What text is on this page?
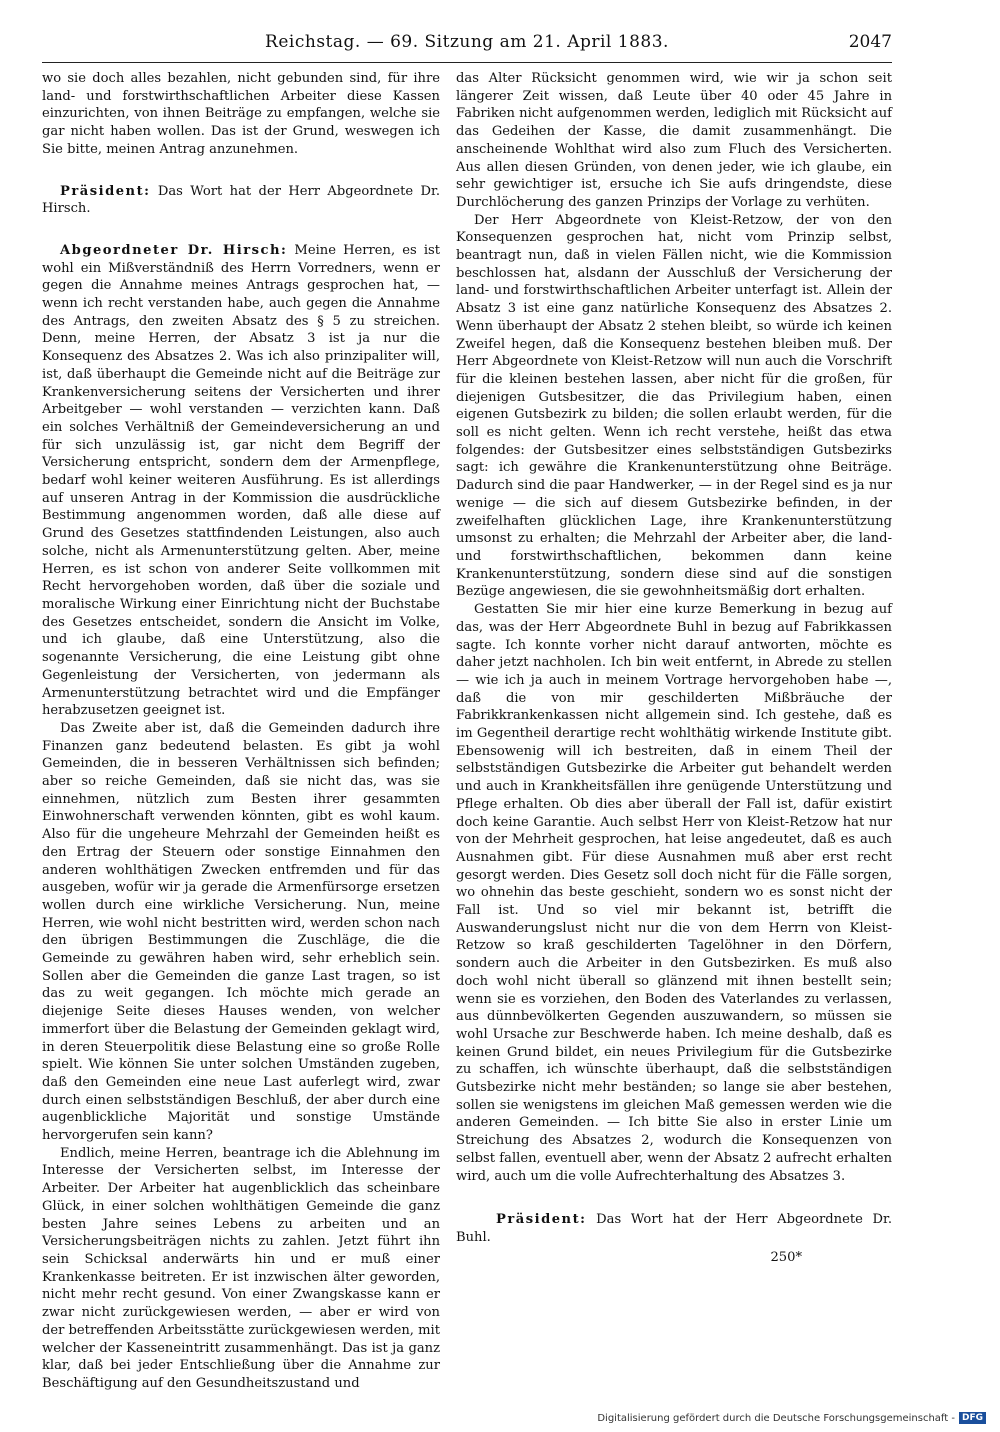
Reichstag. — 69. Sitzung am 21. April 1883.	2047

wo sie doch alles bezahlen, nicht gebunden sind, für ihre land- und forstwirthschaftlichen Arbeiter diese Kassen einzurichten, von ihnen Beiträge zu empfangen, welche sie gar nicht haben wollen. Das ist der Grund, weswegen ich Sie bitte, meinen Antrag anzunehmen.

Präsident: Das Wort hat der Herr Abgeordnete Dr. Hirsch.

Abgeordneter Dr. Hirsch: Meine Herren, es ist wohl ein Mißverständniß des Herrn Vorredners, wenn er gegen die Annahme meines Antrags gesprochen hat, — wenn ich recht verstanden habe, auch gegen die Annahme des Antrags, den zweiten Absatz des § 5 zu streichen. Denn, meine Herren, der Absatz 3 ist ja nur die Konsequenz des Absatzes 2. Was ich also prinzipaliter will, ist, daß überhaupt die Gemeinde nicht auf die Beiträge zur Krankenversicherung seitens der Versicherten und ihrer Arbeitgeber — wohl verstanden — verzichten kann. Daß ein solches Verhältniß der Gemeindeversicherung an und für sich unzulässig ist, gar nicht dem Begriff der Versicherung entspricht, sondern dem der Armenpflege, bedarf wohl keiner weiteren Ausführung. Es ist allerdings auf unseren Antrag in der Kommission die ausdrückliche Bestimmung angenommen worden, daß alle diese auf Grund des Gesetzes stattfindenden Leistungen, also auch solche, nicht als Armenunterstützung gelten. Aber, meine Herren, es ist schon von anderer Seite vollkommen mit Recht hervorgehoben worden, daß über die soziale und moralische Wirkung einer Einrichtung nicht der Buchstabe des Gesetzes entscheidet, sondern die Ansicht im Volke, und ich glaube, daß eine Unterstützung, also die sogenannte Versicherung, die eine Leistung gibt ohne Gegenleistung der Versicherten, von jedermann als Armenunterstützung betrachtet wird und die Empfänger herabzusetzen geeignet ist.

Das Zweite aber ist, daß die Gemeinden dadurch ihre Finanzen ganz bedeutend belasten. Es gibt ja wohl Gemeinden, die in besseren Verhältnissen sich befinden; aber so reiche Gemeinden, daß sie nicht das, was sie einnehmen, nützlich zum Besten ihrer gesammten Einwohnerschaft verwenden könnten, gibt es wohl kaum. Also für die ungeheure Mehrzahl der Gemeinden heißt es den Ertrag der Steuern oder sonstige Einnahmen den anderen wohlthätigen Zwecken entfremden und für das ausgeben, wofür wir ja gerade die Armenfürsorge ersetzen wollen durch eine wirkliche Versicherung. Nun, meine Herren, wie wohl nicht bestritten wird, werden schon nach den übrigen Bestimmungen die Zuschläge, die die Gemeinde zu gewähren haben wird, sehr erheblich sein. Sollen aber die Gemeinden die ganze Last tragen, so ist das zu weit gegangen. Ich möchte mich gerade an diejenige Seite dieses Hauses wenden, von welcher immerfort über die Belastung der Gemeinden geklagt wird, in deren Steuerpolitik diese Belastung eine so große Rolle spielt. Wie können Sie unter solchen Umständen zugeben, daß den Gemeinden eine neue Last auferlegt wird, zwar durch einen selbstständigen Beschluß, der aber durch eine augenblickliche Majorität und sonstige Umstände hervorgerufen sein kann?

Endlich, meine Herren, beantrage ich die Ablehnung im Interesse der Versicherten selbst, im Interesse der Arbeiter. Der Arbeiter hat augenblicklich das scheinbare Glück, in einer solchen wohlthätigen Gemeinde die ganz besten Jahre seines Lebens zu arbeiten und an Versicherungsbeiträgen nichts zu zahlen. Jetzt führt ihn sein Schicksal anderwärts hin und er muß einer Krankenkasse beitreten. Er ist inzwischen älter geworden, nicht mehr recht gesund. Von einer Zwangskasse kann er zwar nicht zurückgewiesen werden, — aber er wird von der betreffenden Arbeitsstätte zurückgewiesen werden, mit welcher der Kasseneintritt zusammenhängt. Das ist ja ganz klar, daß bei jeder Entschließung über die Annahme zur Beschäftigung auf den Gesundheitszustand und

das Alter Rücksicht genommen wird, wie wir ja schon seit längerer Zeit wissen, daß Leute über 40 oder 45 Jahre in Fabriken nicht aufgenommen werden, lediglich mit Rücksicht auf das Gedeihen der Kasse, die damit zusammenhängt. Die anscheinende Wohlthat wird also zum Fluch des Versicherten. Aus allen diesen Gründen, von denen jeder, wie ich glaube, ein sehr gewichtiger ist, ersuche ich Sie aufs dringendste, diese Durchlöcherung des ganzen Prinzips der Vorlage zu verhüten.

Der Herr Abgeordnete von Kleist-Retzow, der von den Konsequenzen gesprochen hat, nicht vom Prinzip selbst, beantragt nun, daß in vielen Fällen nicht, wie die Kommission beschlossen hat, alsdann der Ausschluß der Versicherung der land- und forstwirthschaftlichen Arbeiter unterfagt ist. Allein der Absatz 3 ist eine ganz natürliche Konsequenz des Absatzes 2. Wenn überhaupt der Absatz 2 stehen bleibt, so würde ich keinen Zweifel hegen, daß die Konsequenz bestehen bleiben muß. Der Herr Abgeordnete von Kleist-Retzow will nun auch die Vorschrift für die kleinen bestehen lassen, aber nicht für die großen, für diejenigen Gutsbesitzer, die das Privilegium haben, einen eigenen Gutsbezirk zu bilden; die sollen erlaubt werden, für die soll es nicht gelten. Wenn ich recht verstehe, heißt das etwa folgendes: der Gutsbesitzer eines selbstständigen Gutsbezirks sagt: ich gewähre die Krankenunterstützung ohne Beiträge. Dadurch sind die paar Handwerker, — in der Regel sind es ja nur wenige — die sich auf diesem Gutsbezirke befinden, in der zweifelhaften glücklichen Lage, ihre Krankenunterstützung umsonst zu erhalten; die Mehrzahl der Arbeiter aber, die land- und forstwirthschaftlichen, bekommen dann keine Krankenunterstützung, sondern diese sind auf die sonstigen Bezüge angewiesen, die sie gewohnheitsmäßig dort erhalten.

Gestatten Sie mir hier eine kurze Bemerkung in bezug auf das, was der Herr Abgeordnete Buhl in bezug auf Fabrikkassen sagte. Ich konnte vorher nicht darauf antworten, möchte es daher jetzt nachholen. Ich bin weit entfernt, in Abrede zu stellen — wie ich ja auch in meinem Vortrage hervorgehoben habe —, daß die von mir geschilderten Mißbräuche der Fabrikkrankenkassen nicht allgemein sind. Ich gestehe, daß es im Gegentheil derartige recht wohlthätig wirkende Institute gibt. Ebensowenig will ich bestreiten, daß in einem Theil der selbstständigen Gutsbezirke die Arbeiter gut behandelt werden und auch in Krankheitsfällen ihre genügende Unterstützung und Pflege erhalten. Ob dies aber überall der Fall ist, dafür existirt doch keine Garantie. Auch selbst Herr von Kleist-Retzow hat nur von der Mehrheit gesprochen, hat leise angedeutet, daß es auch Ausnahmen gibt. Für diese Ausnahmen muß aber erst recht gesorgt werden. Dies Gesetz soll doch nicht für die Fälle sorgen, wo ohnehin das beste geschieht, sondern wo es sonst nicht der Fall ist. Und so viel mir bekannt ist, betrifft die Auswanderungslust nicht nur die von dem Herrn von Kleist-Retzow so kraß geschilderten Tagelöhner in den Dörfern, sondern auch die Arbeiter in den Gutsbezirken. Es muß also doch wohl nicht überall so glänzend mit ihnen bestellt sein; wenn sie es vorziehen, den Boden des Vaterlandes zu verlassen, aus dünnbevölkerten Gegenden auszuwandern, so müssen sie wohl Ursache zur Beschwerde haben. Ich meine deshalb, daß es keinen Grund bildet, ein neues Privilegium für die Gutsbezirke zu schaffen, ich wünschte überhaupt, daß die selbstständigen Gutsbezirke nicht mehr beständen; so lange sie aber bestehen, sollen sie wenigstens im gleichen Maß gemessen werden wie die anderen Gemeinden. — Ich bitte Sie also in erster Linie um Streichung des Absatzes 2, wodurch die Konsequenzen von selbst fallen, eventuell aber, wenn der Absatz 2 aufrecht erhalten wird, auch um die volle Aufrechterhaltung des Absatzes 3.

Präsident: Das Wort hat der Herr Abgeordnete Dr. Buhl.

250*
Digitalisierung gefördert durch die Deutsche Forschungsgemeinschaft - DFG
